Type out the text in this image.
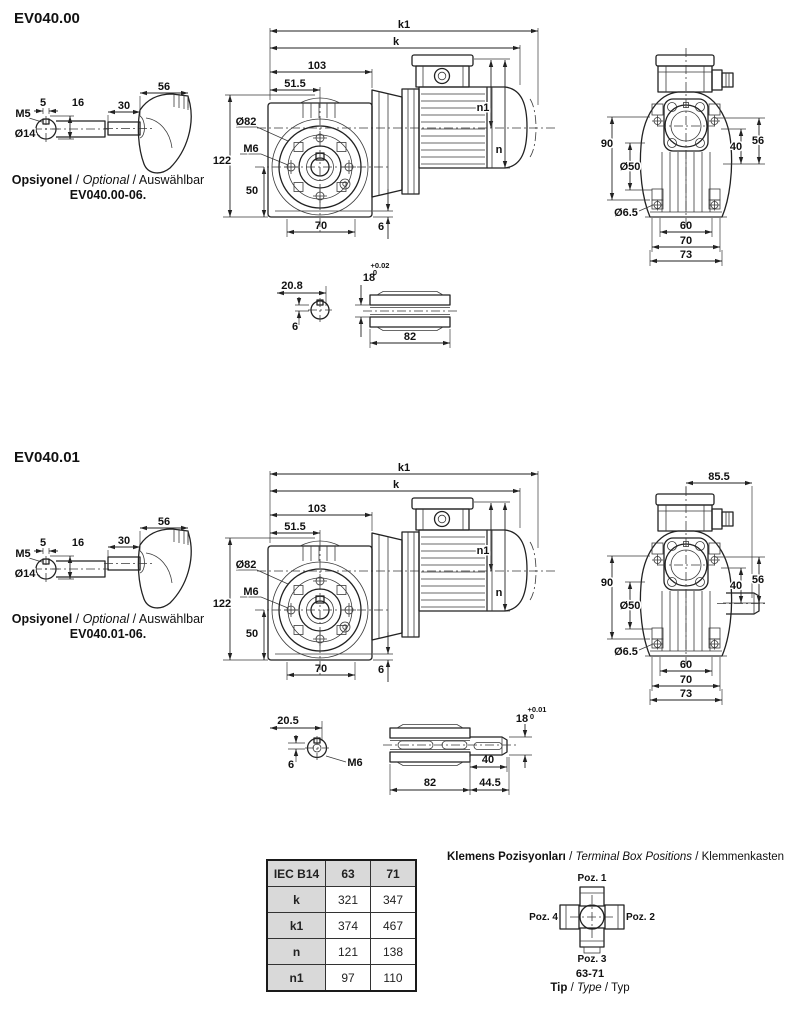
EV040.00
16
5
M5
Ø14
56
30
Opsiyonel / Optional / Auswählbar
EV040.00-06.
k1
k
103
51.5
Ø82
M6
122
50
70	6
n1
n	90
Ø50
Ø6.5
40 56
60
70
73
20.8
6
18
+0.02
0
82
EV040.01
16
5
M5
Ø14
56
30
Opsiyonel / Optional / Auswählbar
EV040.01-06.
k1
k
103
51.5
Ø82
M6
122
50
70	6
n1
n
85.5
90
Ø50
Ø6.5
40 56
60
70
73
20.5
6	M6
18
+0.01
0
40
82	44.5
IEC B14	63	71
k	321	347
k1	374	467
n	121	138
n1	97	110
Klemens Pozisyonları / Terminal Box Positions / Klemmenkasten
Poz. 1
Poz. 4	Poz. 2
Poz. 3
63-71
Tip / Type / Typ
